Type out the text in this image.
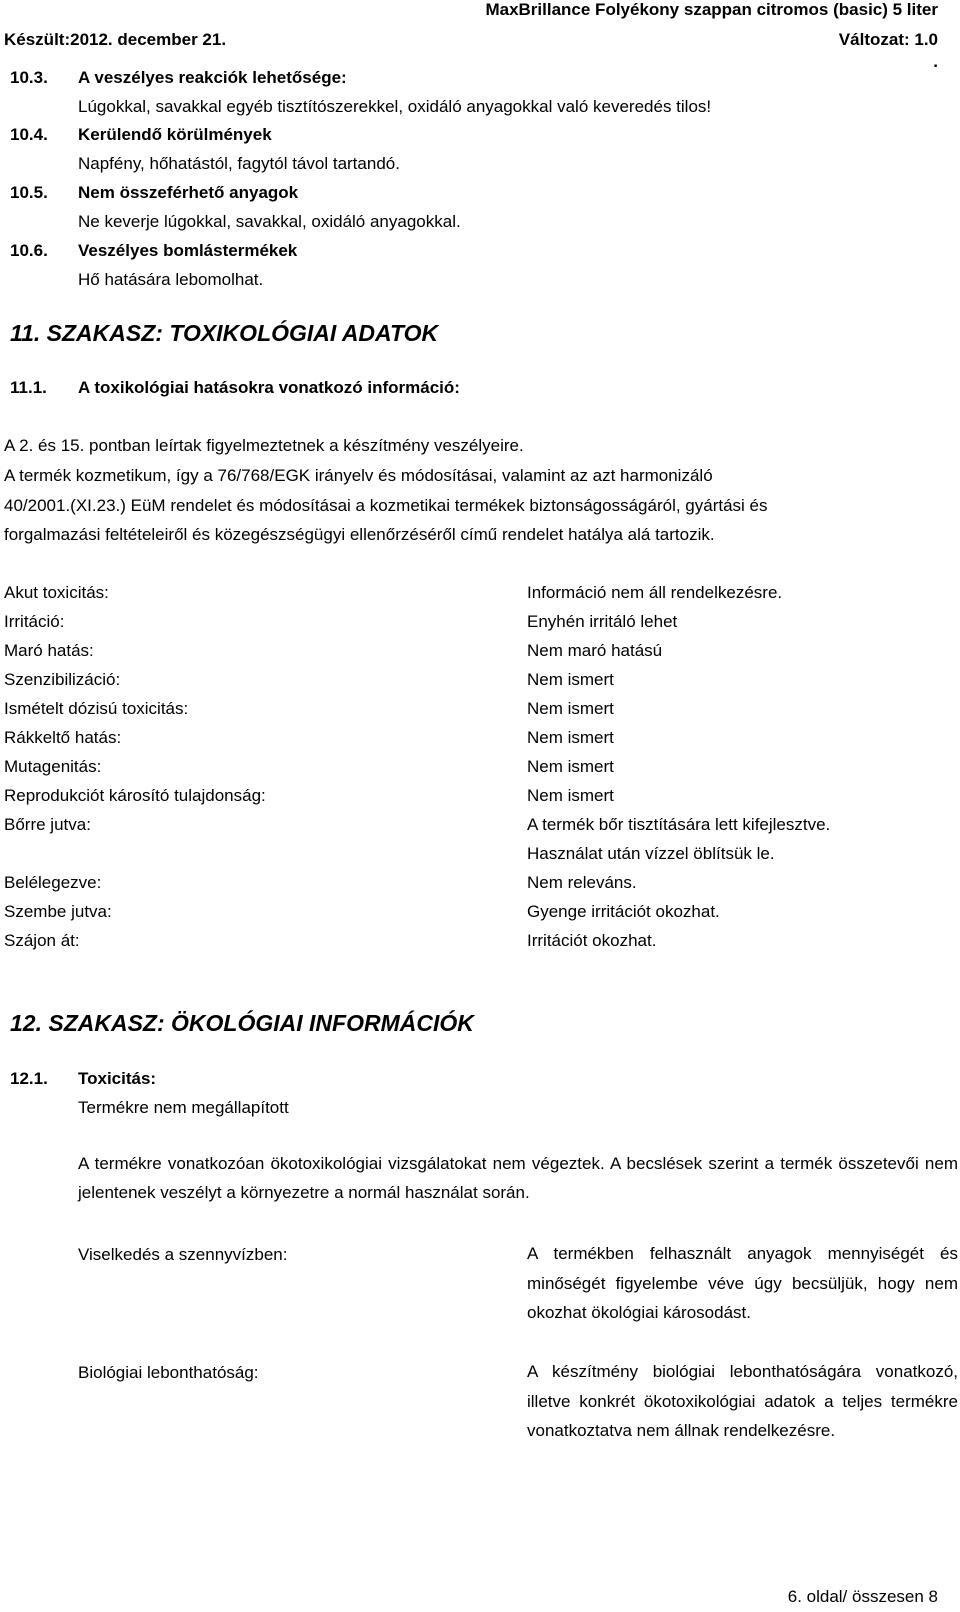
MaxBrillance Folyékony szappan citromos (basic) 5 liter
Készült:2012. december 21.	Változat: 1.0
.
10.3. A veszélyes reakciók lehetősége:
Lúgokkal, savakkal egyéb tisztítószerekkel, oxidáló anyagokkal való keveredés tilos!
10.4. Kerülendő körülmények
Napfény, hőhatástól, fagytól távol tartandó.
10.5. Nem összeférhető anyagok
Ne keverje lúgokkal, savakkal, oxidáló anyagokkal.
10.6. Veszélyes bomlástermékek
Hő hatására lebomolhat.
11. SZAKASZ: TOXIKOLÓGIAI ADATOK
11.1. A toxikológiai hatásokra vonatkozó információ:
A 2. és 15. pontban leírtak figyelmeztetnek a készítmény veszélyeire.
A termék kozmetikum, így a 76/768/EGK irányelv és módosításai, valamint az azt harmonizáló
40/2001.(XI.23.) EüM rendelet és módosításai a kozmetikai termékek biztonságosságáról, gyártási és
forgalmazási feltételeiről és közegészségügyi ellenőrzéséről című rendelet hatálya alá tartozik.
Akut toxicitás:	Információ nem áll rendelkezésre.
Irritáció:	Enyhén irritáló lehet
Maró hatás:	Nem maró hatású
Szenzibilizáció:	Nem ismert
Ismételt dózisú toxicitás:	Nem ismert
Rákkeltő hatás:	Nem ismert
Mutagenitás:	Nem ismert
Reprodukciót károsító tulajdonság:	Nem ismert
Bőrre jutva:	A termék bőr tisztítására lett kifejlesztve.
Használat után vízzel öblítsük le.
Belélegezve:	Nem releváns.
Szembe jutva:	Gyenge irritációt okozhat.
Szájon át:	Irritációt okozhat.
12. SZAKASZ: ÖKOLÓGIAI INFORMÁCIÓK
12.1. Toxicitás:
Termékre nem megállapított
A termékre vonatkozóan ökotoxikológiai vizsgálatokat nem végeztek. A becslések szerint a termék összetevői nem jelentenek veszélyt a környezetre a normál használat során.
Viselkedés a szennyvízben:	A termékben felhasznált anyagok mennyiségét és minőségét figyelembe véve úgy becsüljük, hogy nem okozhat ökológiai károsodást.
Biológiai lebonthatóság:	A készítmény biológiai lebonthatóságára vonatkozó, illetve konkrét ökotoxikológiai adatok a teljes termékre vonatkoztatva nem állnak rendelkezésre.
6. oldal/ összesen 8
